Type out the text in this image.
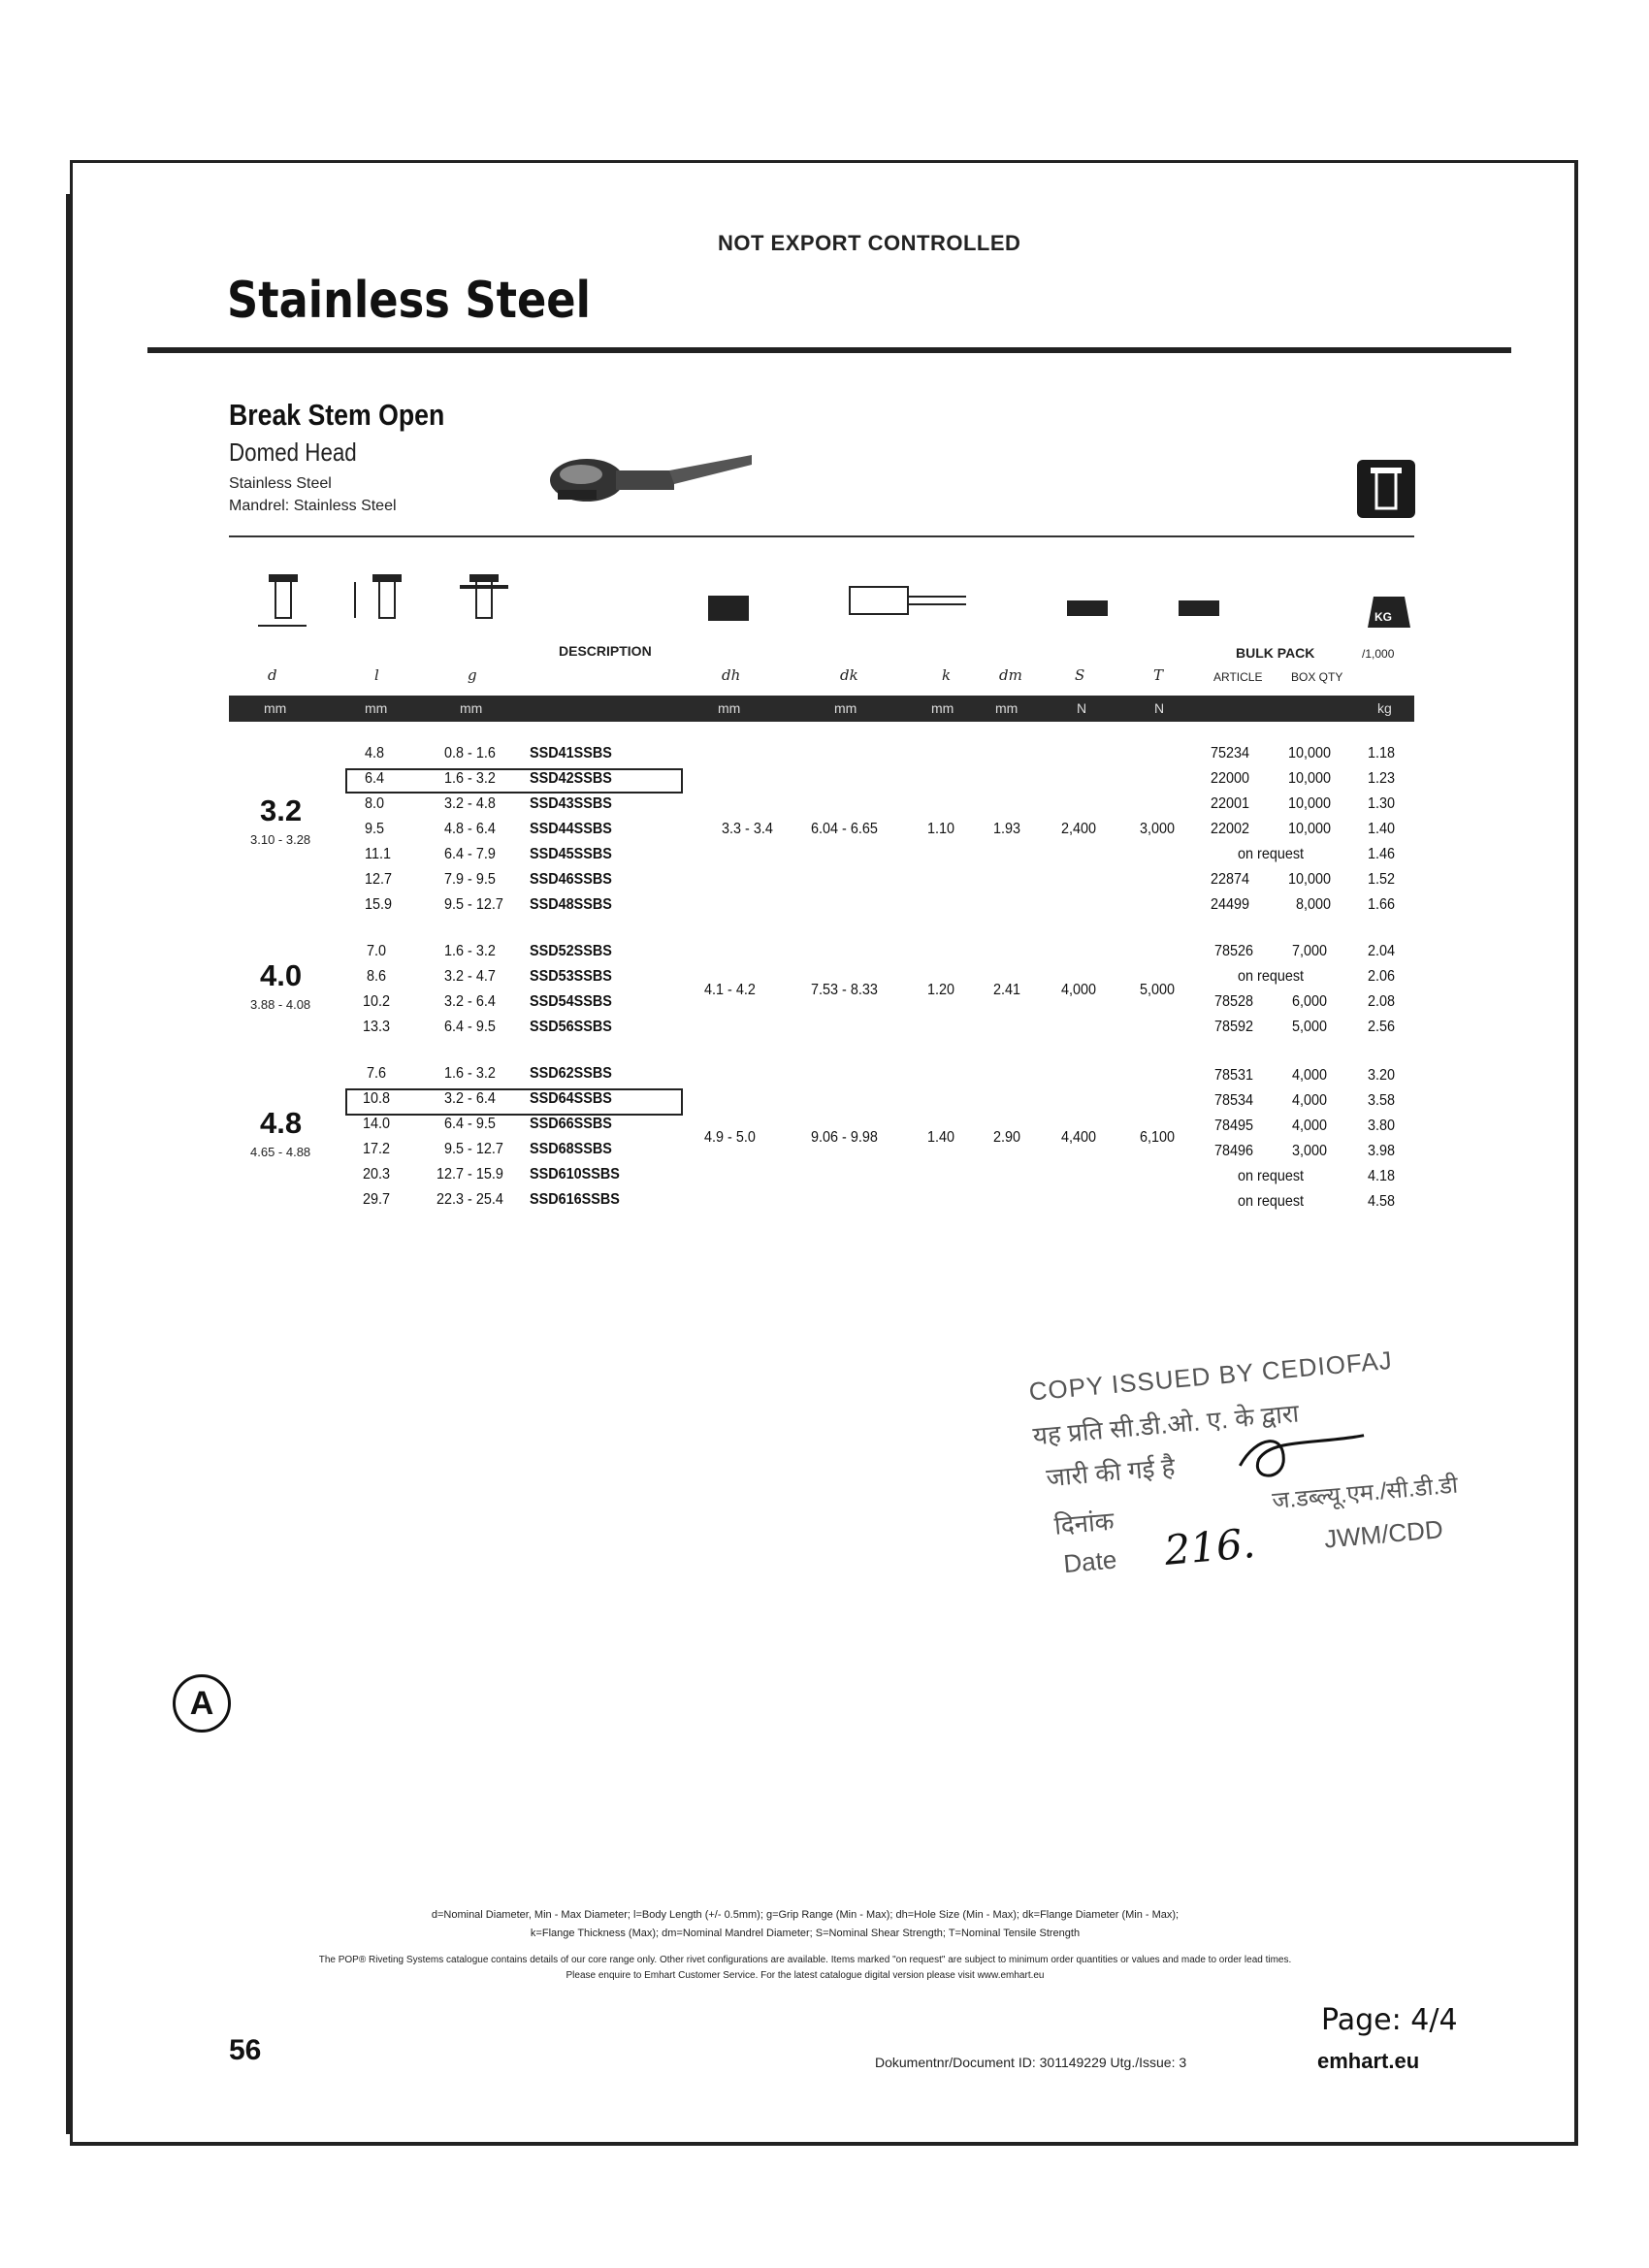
NOT EXPORT CONTROLLED
Stainless Steel
Break Stem Open
Domed Head
Stainless Steel
Mandrel: Stainless Steel
d	l	g
DESCRIPTION
dh	dk	k	dm	S	T
BULK PACK
ARTICLE BOX QTY
/1,000
KG
mm	mm	mm	mm	mm	mm	mm	N	N	kg
3.2
3.10 - 3.28
3.3 - 3.4 6.04 - 6.65	1.10 1.93	2,400	3,000
4.8	0.8 - 1.6 SSD41SSBS	75234 10,000 1.18
6.4	1.6 - 3.2 SSD42SSBS	22000 10,000 1.23
8.0	3.2 - 4.8 SSD43SSBS	22001 10,000 1.30
9.5	4.8 - 6.4 SSD44SSBS	22002 10,000 1.40
11.1	6.4 - 7.9 SSD45SSBS	on request	1.46
12.7	7.9 - 9.5 SSD46SSBS	22874 10,000 1.52
15.9	9.5 - 12.7 SSD48SSBS	24499	8,000 1.66
4.0
3.88 - 4.08
4.1 - 4.2	7.53 - 8.33	1.20 2.41	4,000	5,000
7.0	1.6 - 3.2 SSD52SSBS	78526 7,000	2.04
8.6	3.2 - 4.7 SSD53SSBS	on request	2.06
10.2	3.2 - 6.4 SSD54SSBS	78528 6,000	2.08
13.3	6.4 - 9.5 SSD56SSBS	78592 5,000	2.56
4.8
4.65 - 4.88
4.9 - 5.0	9.06 - 9.98	1.40 2.90	4,400	6,100
7.6	1.6 - 3.2 SSD62SSBS	78531 4,000	3.20
10.8	3.2 - 6.4 SSD64SSBS	78534 4,000	3.58
14.0	6.4 - 9.5 SSD66SSBS	78495 4,000	3.80
17.2	9.5 - 12.7 SSD68SSBS	78496 3,000	3.98
20.3	12.7 - 15.9 SSD610SSBS	on request	4.18
29.7	22.3 - 25.4 SSD616SSBS	on request	4.58
COPY ISSUED BY CEDIOFAJ
यह प्रति सी.डी.ओ. ए. के द्वारा
जारी की गई है
दिनांक
Date
ज.डब्ल्यू.एम./सी.डी.डी
JWM/CDD
216.
A
d=Nominal Diameter, Min - Max Diameter; l=Body Length (+/- 0.5mm); g=Grip Range (Min - Max); dh=Hole Size (Min - Max); dk=Flange Diameter (Min - Max);
k=Flange Thickness (Max); dm=Nominal Mandrel Diameter; S=Nominal Shear Strength; T=Nominal Tensile Strength
The POP® Riveting Systems catalogue contains details of our core range only. Other rivet configurations are available. Items marked "on request" are subject to minimum order quantities or values and made to order lead times.
Please enquire to Emhart Customer Service. For the latest catalogue digital version please visit www.emhart.eu
Page: 4/4
56	Dokumentnr/Document ID: 301149229 Utg./Issue: 3	emhart.eu
